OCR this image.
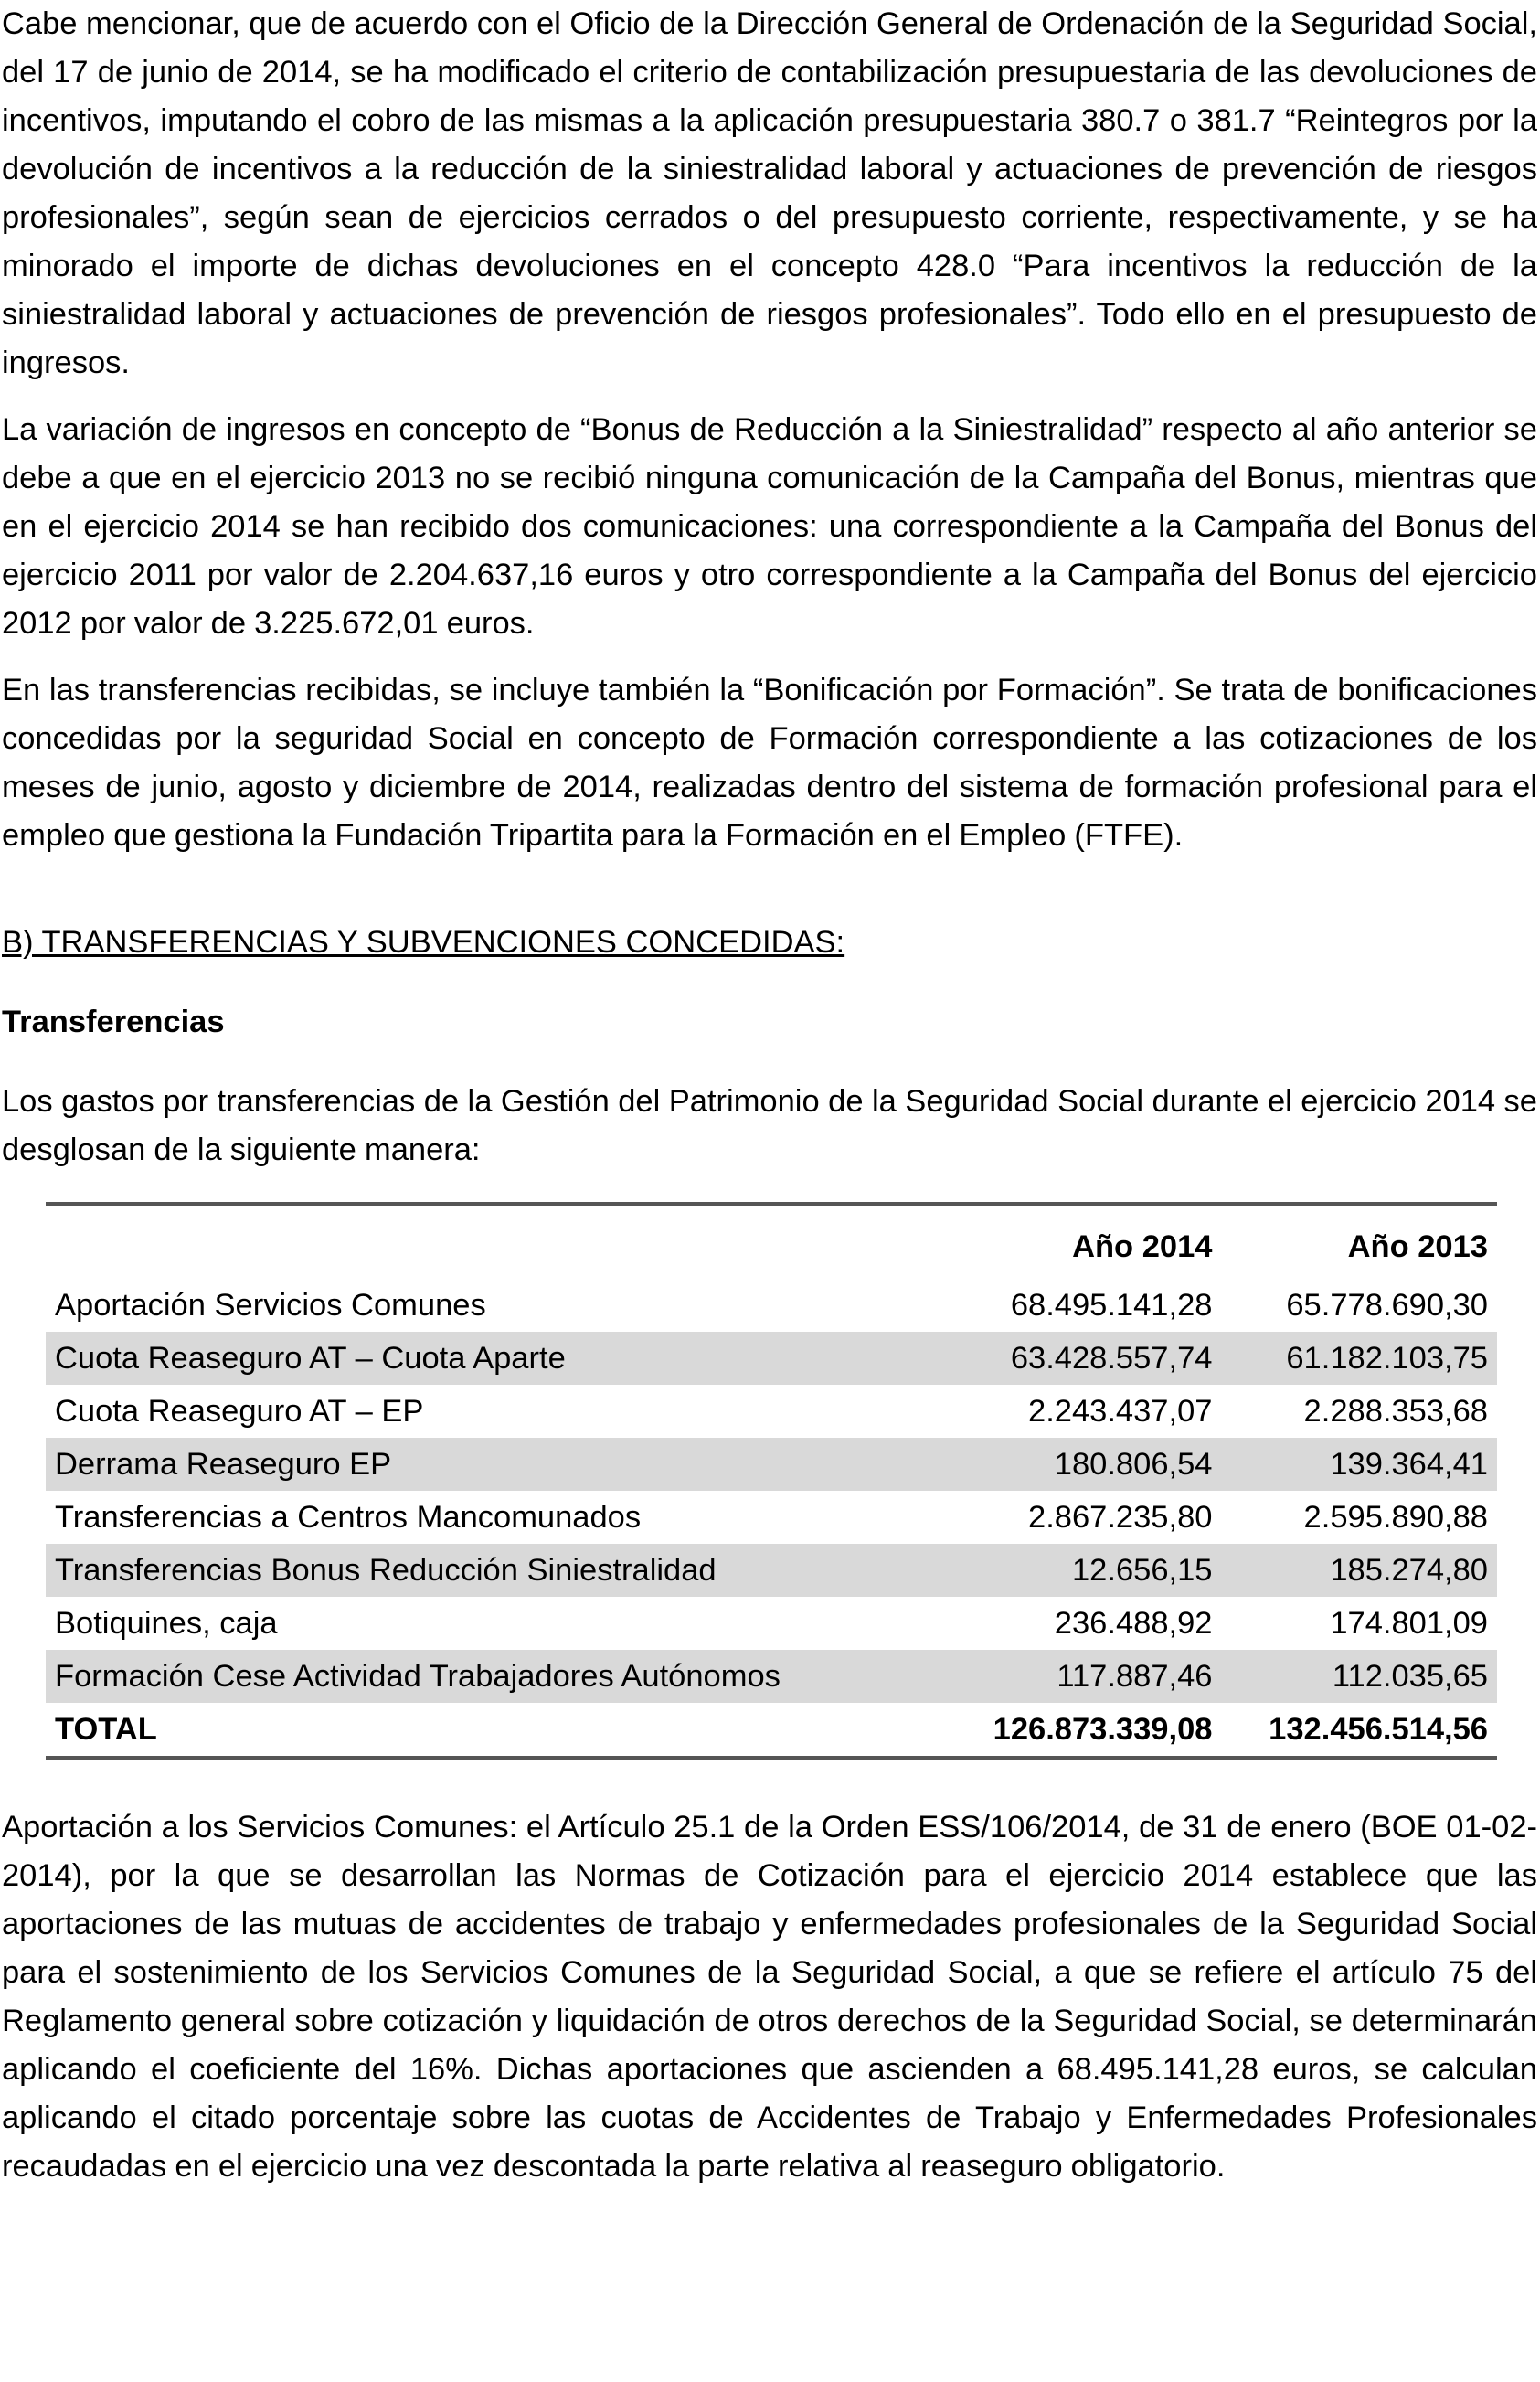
Cabe mencionar, que de acuerdo con el Oficio de la Dirección General de Ordenación de la Seguridad Social, del 17 de junio de 2014, se ha modificado el criterio de contabilización presupuestaria de las devoluciones de incentivos, imputando el cobro de las mismas a la aplicación presupuestaria 380.7 o 381.7 “Reintegros por la devolución de incentivos a la reducción de la siniestralidad laboral y actuaciones de prevención de riesgos profesionales”, según sean de ejercicios cerrados o del presupuesto corriente, respectivamente, y se ha minorado el importe de dichas devoluciones en el concepto 428.0 “Para incentivos la reducción de la siniestralidad laboral y actuaciones de prevención de riesgos profesionales”. Todo ello en el presupuesto de ingresos.

La variación de ingresos en concepto de “Bonus de Reducción a la Siniestralidad” respecto al año anterior se debe a que en el ejercicio 2013 no se recibió ninguna comunicación de la Campaña del Bonus, mientras que en el ejercicio 2014 se han recibido dos comunicaciones: una correspondiente a la Campaña del Bonus del ejercicio 2011 por valor de 2.204.637,16 euros y otro correspondiente a la Campaña del Bonus del ejercicio 2012 por valor de 3.225.672,01 euros.

En las transferencias recibidas, se incluye también la “Bonificación por Formación”. Se trata de bonificaciones concedidas por la seguridad Social en concepto de Formación correspondiente a las cotizaciones de los meses de junio, agosto y diciembre de 2014, realizadas dentro del sistema de formación profesional para el empleo que gestiona la Fundación Tripartita para la Formación en el Empleo (FTFE).

B) TRANSFERENCIAS Y SUBVENCIONES CONCEDIDAS:

Transferencias

Los gastos por transferencias de la Gestión del Patrimonio de la Seguridad Social durante el ejercicio 2014 se desglosan de la siguiente manera:

	Año 2014	Año 2013
Aportación Servicios Comunes	68.495.141,28	65.778.690,30
Cuota Reaseguro AT – Cuota Aparte	63.428.557,74	61.182.103,75
Cuota Reaseguro AT – EP	2.243.437,07	2.288.353,68
Derrama Reaseguro EP	180.806,54	139.364,41
Transferencias a Centros Mancomunados	2.867.235,80	2.595.890,88
Transferencias Bonus Reducción Siniestralidad	12.656,15	185.274,80
Botiquines, caja	236.488,92	174.801,09
Formación Cese Actividad Trabajadores Autónomos	117.887,46	112.035,65
TOTAL	126.873.339,08	132.456.514,56

Aportación a los Servicios Comunes: el Artículo 25.1 de la Orden ESS/106/2014, de 31 de enero (BOE 01-02-2014), por la que se desarrollan las Normas de Cotización para el ejercicio 2014 establece que las aportaciones de las mutuas de accidentes de trabajo y enfermedades profesionales de la Seguridad Social para el sostenimiento de los Servicios Comunes de la Seguridad Social, a que se refiere el artículo 75 del Reglamento general sobre cotización y liquidación de otros derechos de la Seguridad Social, se determinarán aplicando el coeficiente del 16%. Dichas aportaciones que ascienden a 68.495.141,28 euros, se calculan aplicando el citado porcentaje sobre las cuotas de Accidentes de Trabajo y Enfermedades Profesionales recaudadas en el ejercicio una vez descontada la parte relativa al reaseguro obligatorio.
